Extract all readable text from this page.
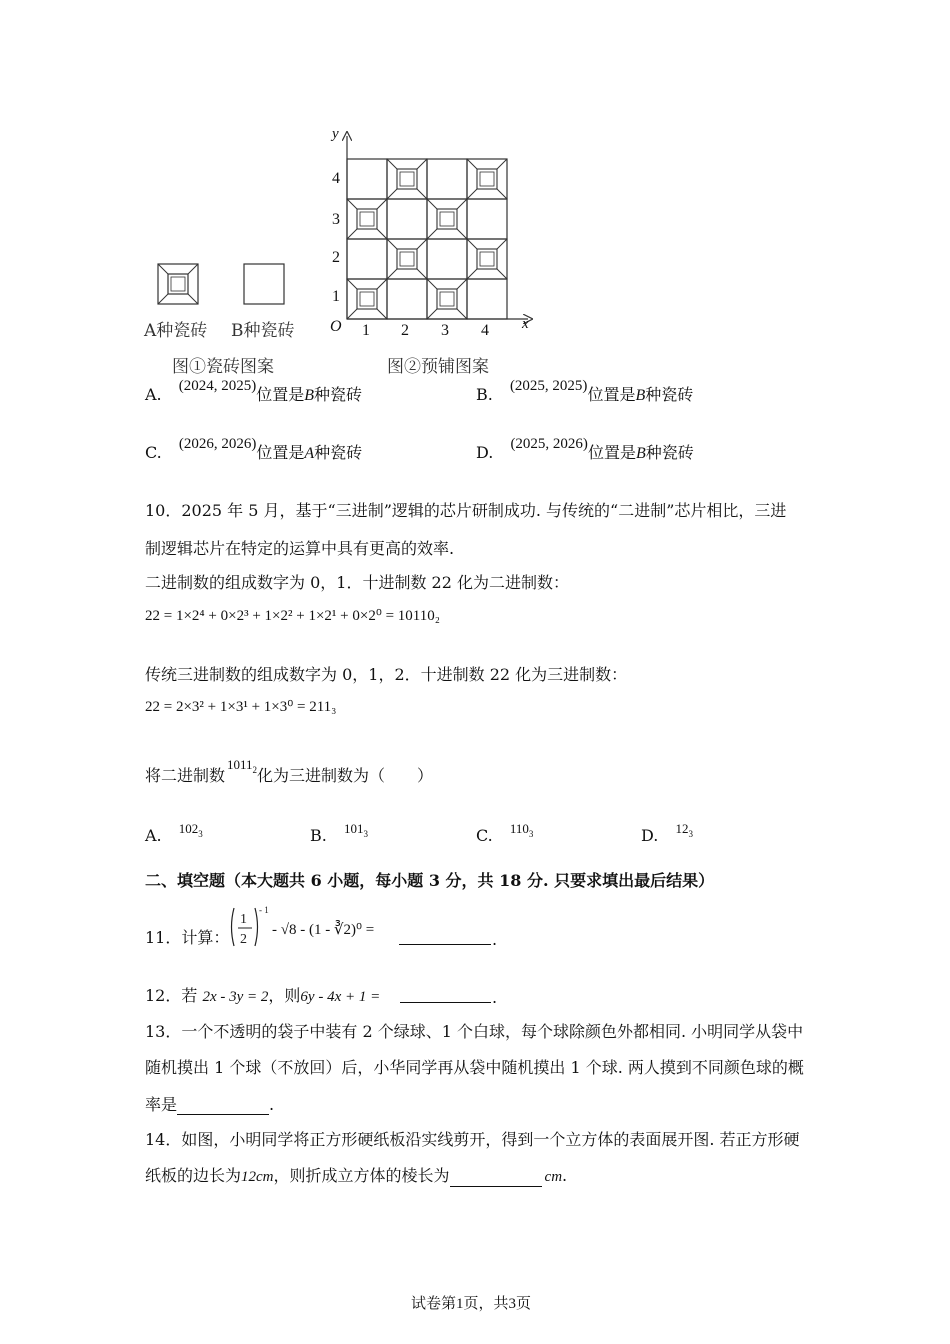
A种瓷砖 B种瓷砖
图①瓷砖图案	图②预铺图案
y
x
O 1 2 3 4
1
2
3
4
A. (2024, 2025)位置是B种瓷砖	B. (2025, 2025)位置是B种瓷砖
C. (2026, 2026)位置是A种瓷砖	D. (2025, 2026)位置是B种瓷砖
10．2025 年 5 月，基于“三进制”逻辑的芯片研制成功. 与传统的“二进制”芯片相比，三进
制逻辑芯片在特定的运算中具有更高的效率.
二进制数的组成数字为 0，1．十进制数 22 化为二进制数：
22 = 1×2⁴ + 0×2³ + 1×2² + 1×2¹ + 0×2⁰ = 10110₂
传统三进制数的组成数字为 0，1，2．十进制数 22 化为三进制数：
22 = 2×3² + 1×3¹ + 1×3⁰ = 211₃
将二进制数$^{10112}$化为三进制数为（　　）
A. $^{1023}$	B. $^{1013}$	C. $^{1103}$	D. $^{123}$
二、填空题（本大题共 6 小题，每小题 3 分，共 18 分. 只要求填出最后结果）
11．计算：
1
2
- 1
- √8 - (1 - ∛2)⁰ =	.
12．若 2x - 3y = 2，则6y - 4x + 1 =	.
13．一个不透明的袋子中装有 2 个绿球、1 个白球，每个球除颜色外都相同. 小明同学从袋中
随机摸出 1 个球（不放回）后，小华同学再从袋中随机摸出 1 个球. 两人摸到不同颜色球的概
率是	.
14．如图，小明同学将正方形硬纸板沿实线剪开，得到一个立方体的表面展开图. 若正方形硬
纸板的边长为12cm，则折成立方体的棱长为	cm.
试卷第1页，共3页
